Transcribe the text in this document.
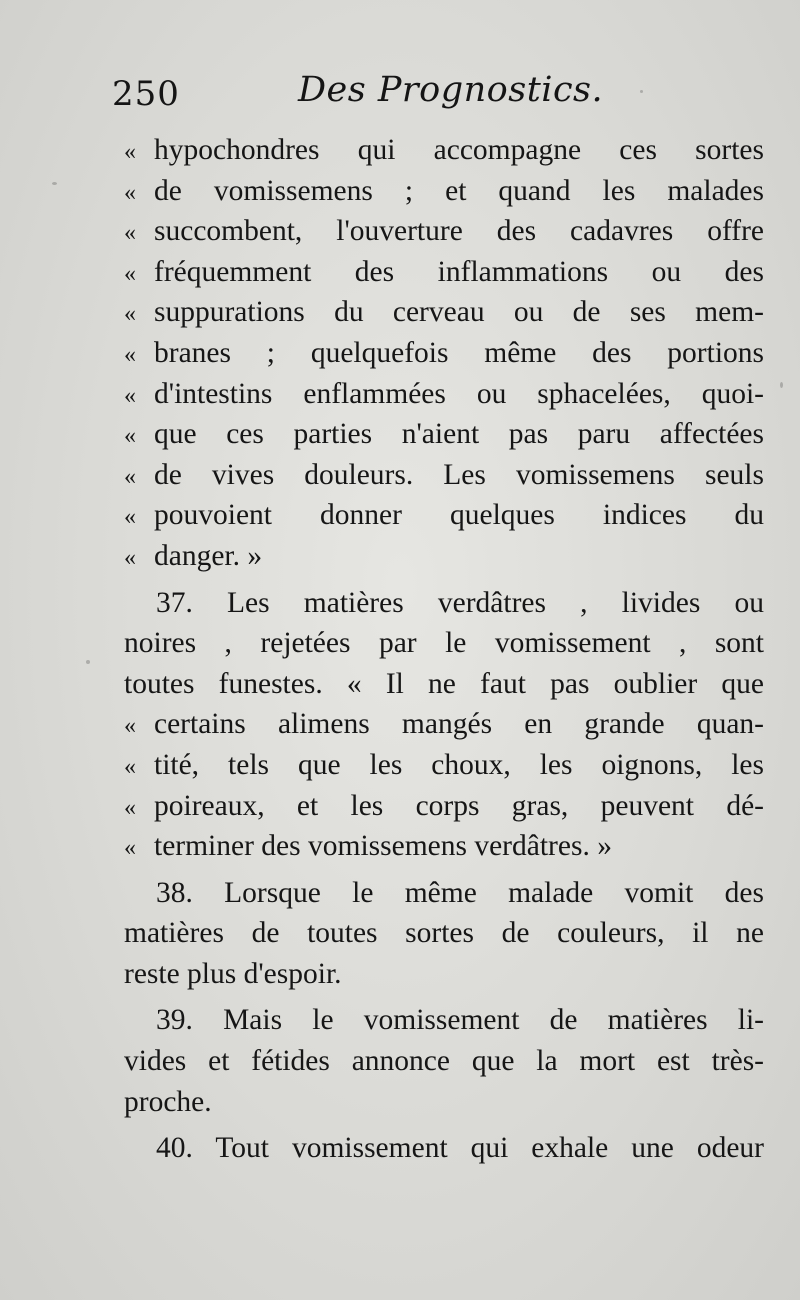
250	Des Prognostics.
« hypochondres qui accompagne ces sortes
« de vomissemens ; et quand les malades
« succombent, l'ouverture des cadavres offre
« fréquemment des inflammations ou des
« suppurations du cerveau ou de ses mem-
« branes ; quelquefois même des portions
« d'intestins enflammées ou sphacelées, quoi-
« que ces parties n'aient pas paru affectées
« de vives douleurs. Les vomissemens seuls
« pouvoient donner quelques indices du
« danger. »
37. Les matières verdâtres , livides ou
noires , rejetées par le vomissement , sont
toutes funestes. « Il ne faut pas oublier que
« certains alimens mangés en grande quan-
« tité, tels que les choux, les oignons, les
« poireaux, et les corps gras, peuvent dé-
« terminer des vomissemens verdâtres. »
38. Lorsque le même malade vomit des
matières de toutes sortes de couleurs, il ne
reste plus d'espoir.
39. Mais le vomissement de matières li-
vides et fétides annonce que la mort est très-
proche.
40. Tout vomissement qui exhale une odeur
